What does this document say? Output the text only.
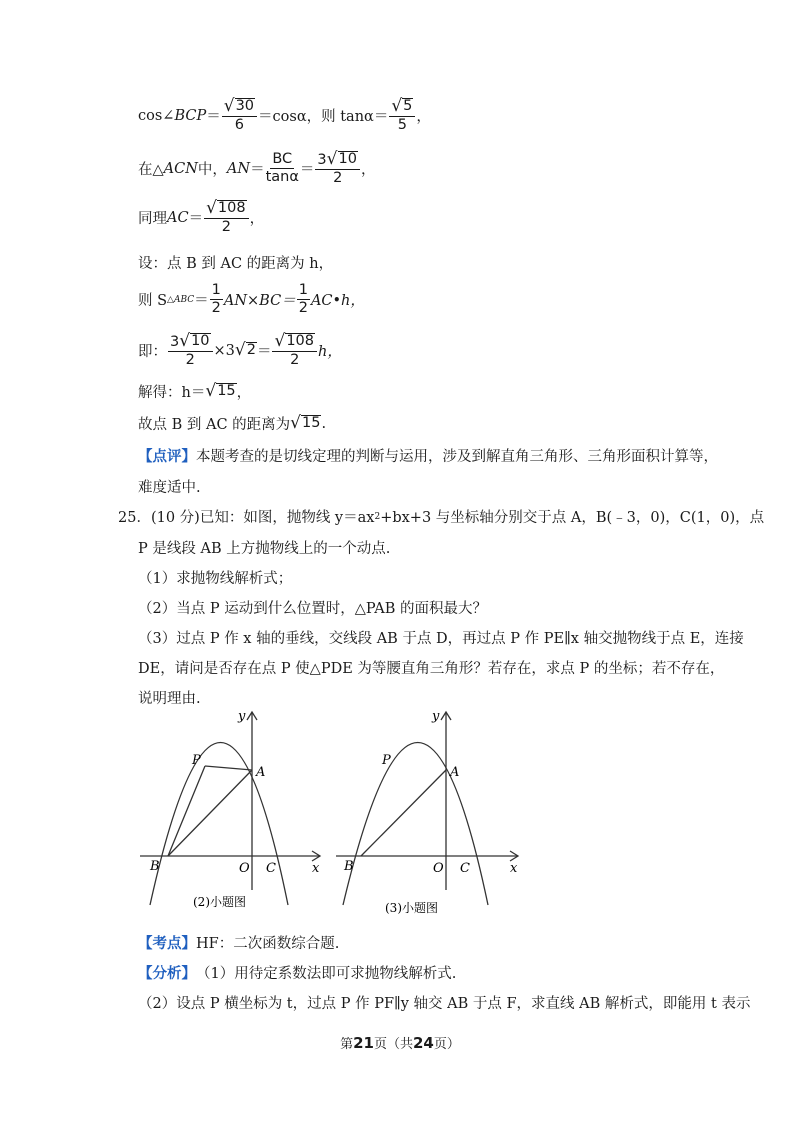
cos∠ BCP ＝ $\frac{√ 30}{6} =\cos\alpha$，则 $\tan\alpha= \frac{√ 5}{5}$ ，
在△ ACN 中， AN ＝ $\frac{BC}{\tan\alpha} = \frac{3 √ 10}{2}$ ，
同理 AC ＝ $\frac{√ 108}{2}$ ，
设：点 B 到 AC 的距离为 h，
则 S △ABC ＝ $\frac{1}{2} AN\times BC= \frac{1}{2}$ AC•h，
即： $\frac{3 √ 10}{2} \times 3$ √ $2 = \frac{√ 108}{2}$ h，
解得：h＝ √ 15 ，
故点 B 到 AC 的距离为 √ 15 .
【点评】 本题考查的是切线定理的判断与运用，涉及到解直角三角形、三角形面积计算等，
难度适中.
25．(10 分)已知：如图，抛物线 y＝ax 2 +bx+3 与坐标轴分别交于点 A，B(﹣3，0)，C(1，0)，点
P 是线段 AB 上方抛物线上的一个动点.
（1）求抛物线解析式；
（2）当点 P 运动到什么位置时，△PAB 的面积最大？
（3）过点 P 作 x 轴的垂线，交线段 AB 于点 D，再过点 P 作 PE∥x 轴交抛物线于点 E，连接
DE，请问是否存在点 P 使△PDE 为等腰直角三角形？若存在，求点 P 的坐标；若不存在，
说明理由.
y
x
O
A
B	C
P
(2)小题图
y
x
O
A
B	C
P
(3)小题图
【考点】 HF：二次函数综合题.
【分析】 （1）用待定系数法即可求抛物线解析式.
（2）设点 P 横坐标为 t，过点 P 作 PF∥y 轴交 AB 于点 F，求直线 AB 解析式，即能用 t 表示
第21页（共24页）
